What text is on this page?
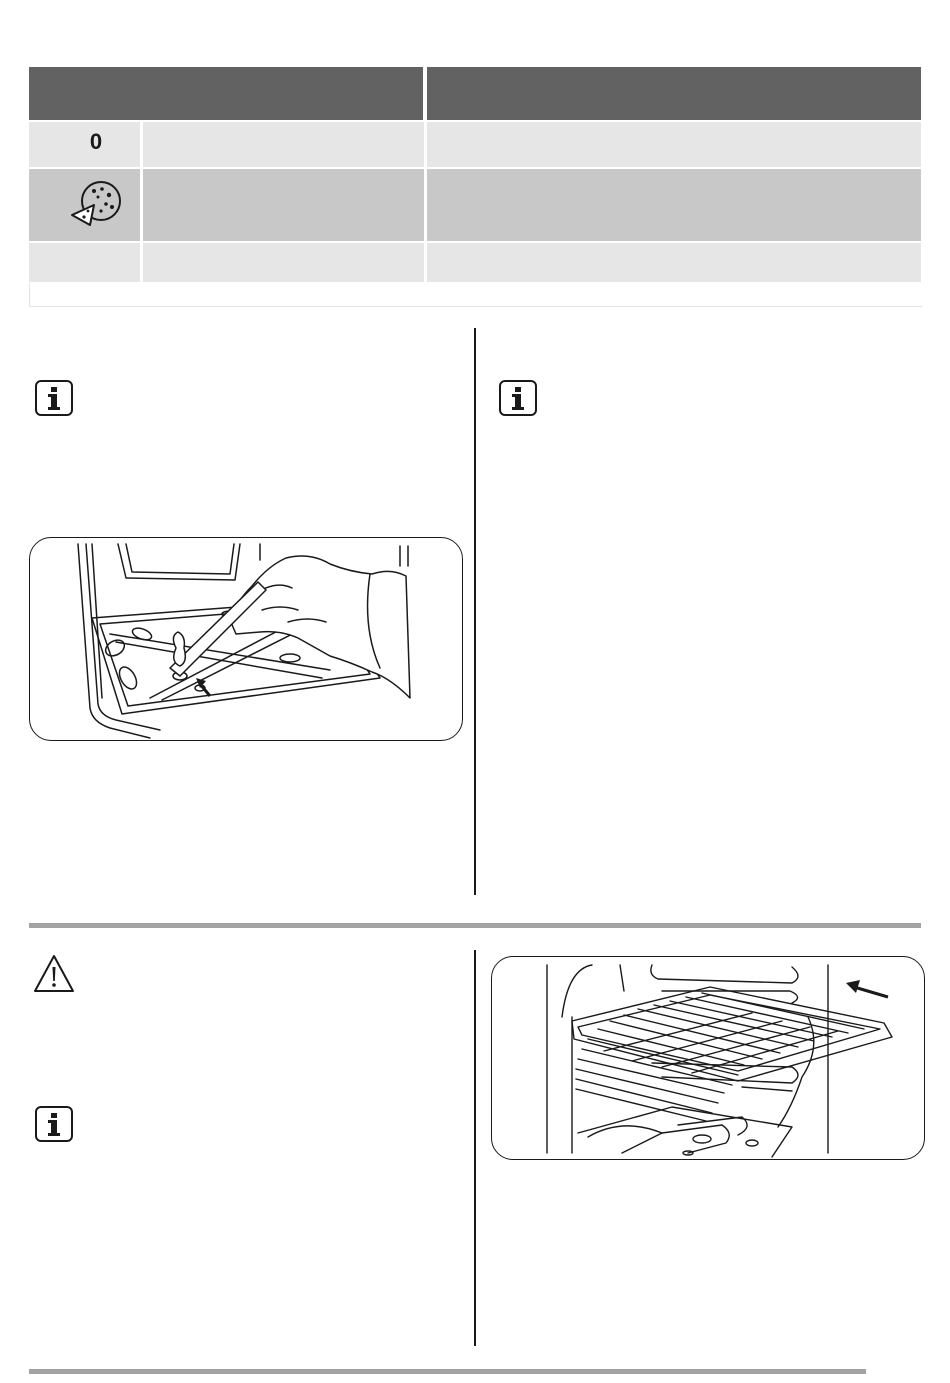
0
